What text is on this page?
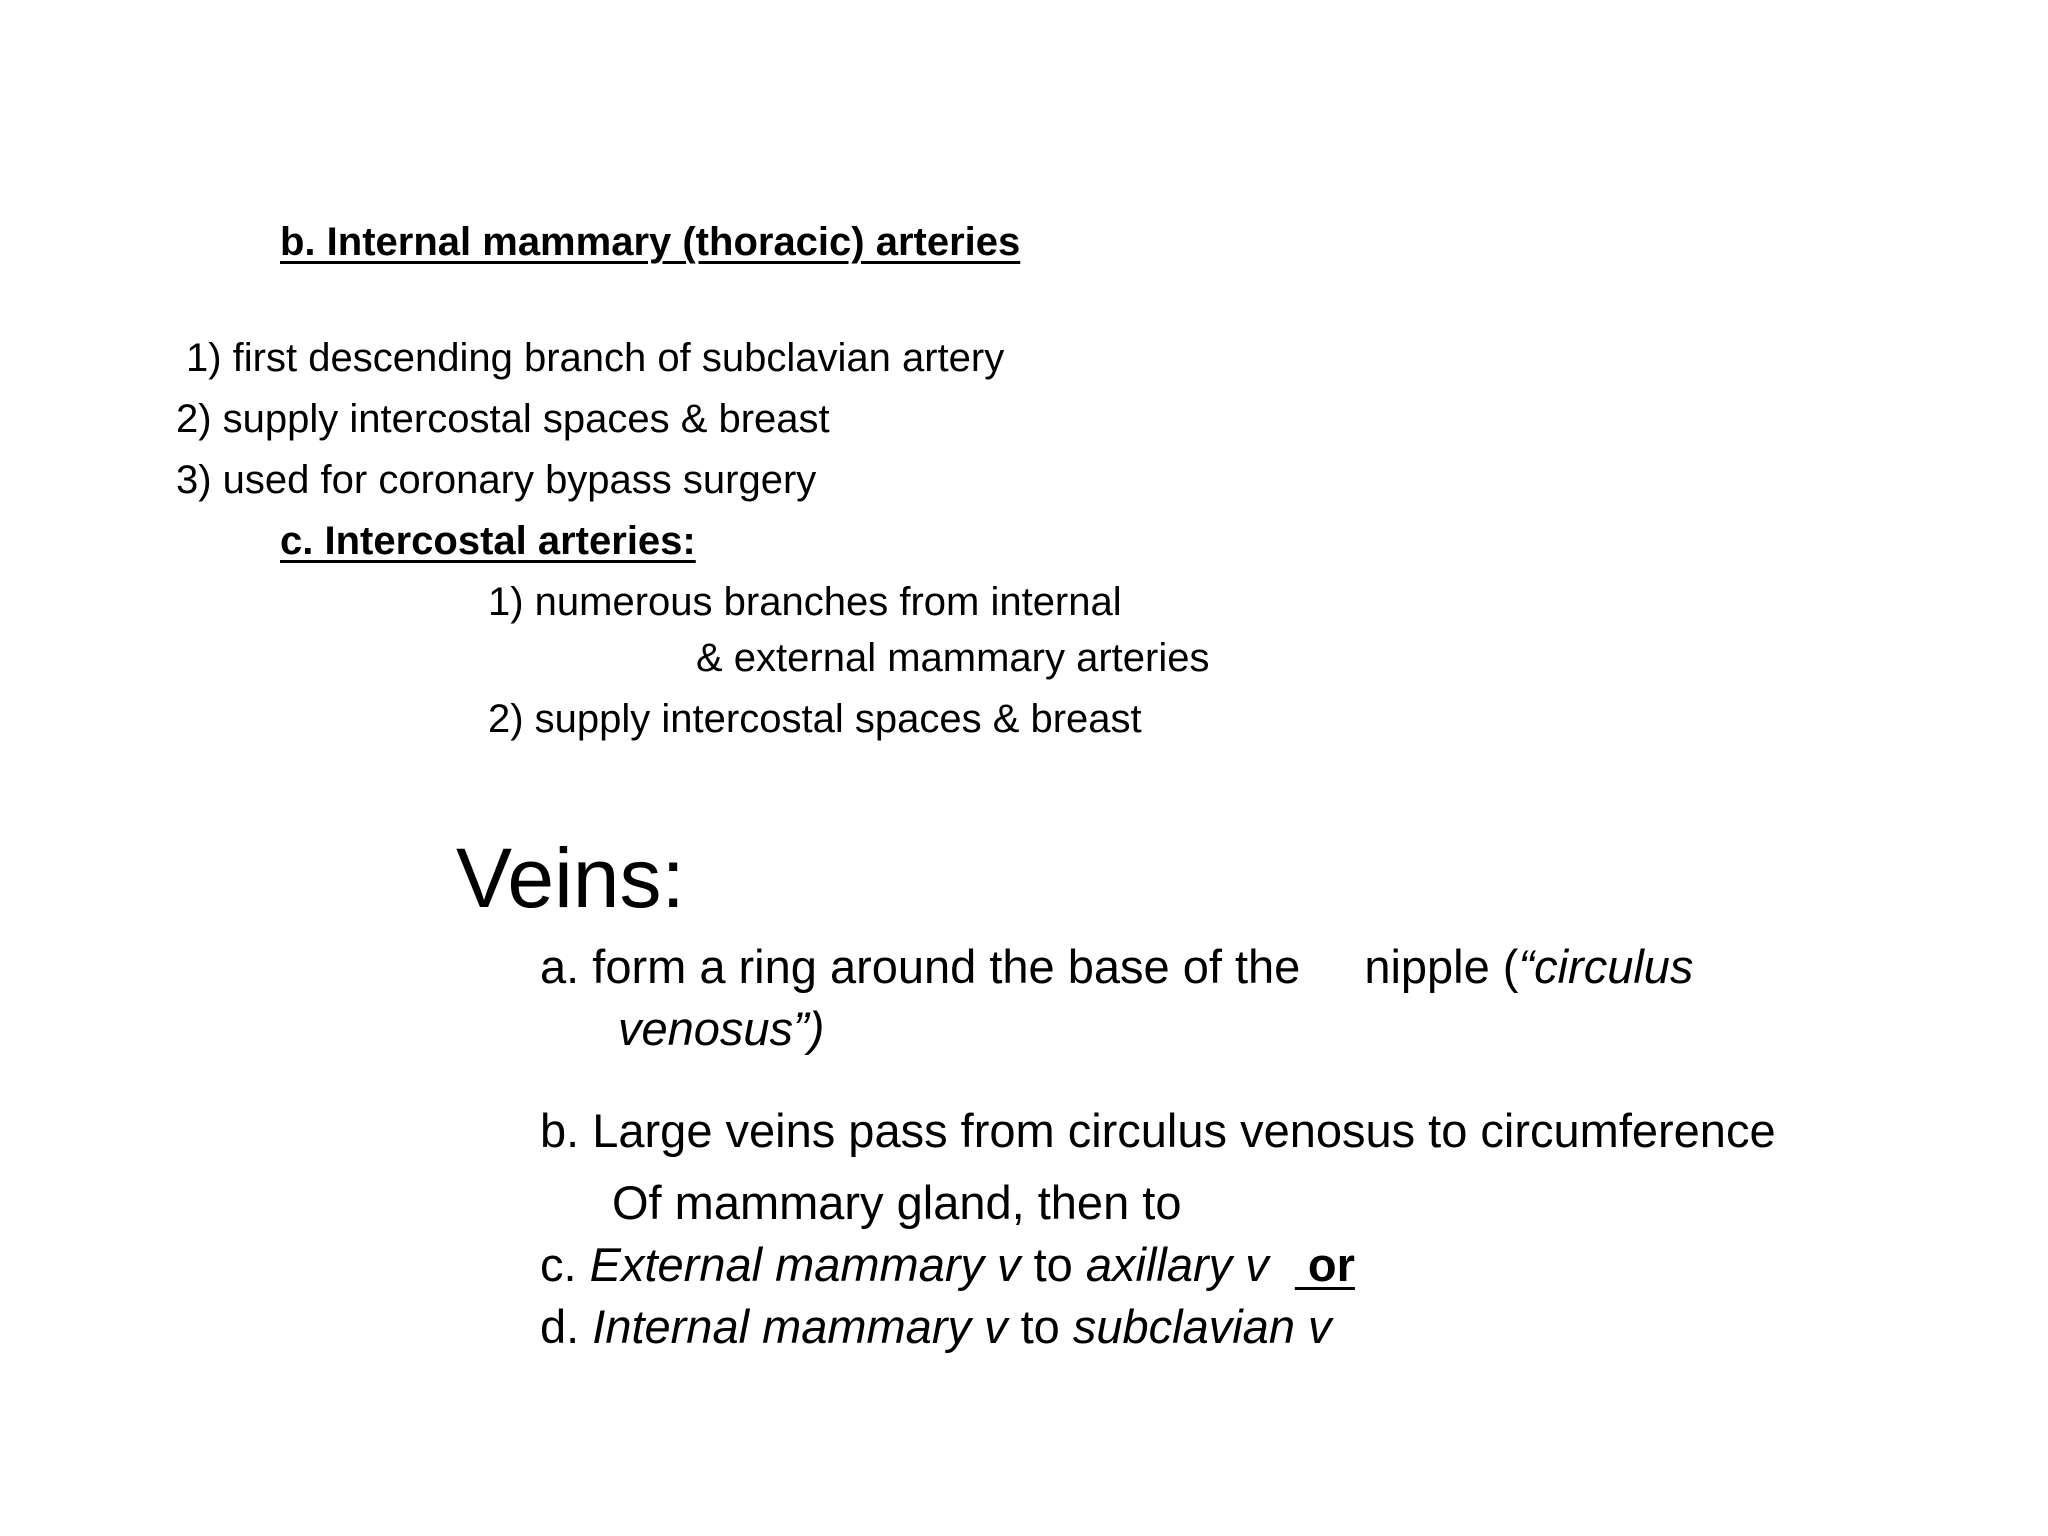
b. Internal mammary (thoracic) arteries
1) first descending branch of subclavian artery
2) supply intercostal spaces & breast
3) used for coronary bypass surgery
c. Intercostal arteries:
1) numerous branches from internal
& external mammary arteries
2) supply intercostal spaces & breast
Veins:
a. form a ring around the base of the nipple (“circulus
venosus”)
b. Large veins pass from circulus venosus to circumference
Of mammary gland, then to
c. External mammary v to axillary v   or
d. Internal mammary v to subclavian v
